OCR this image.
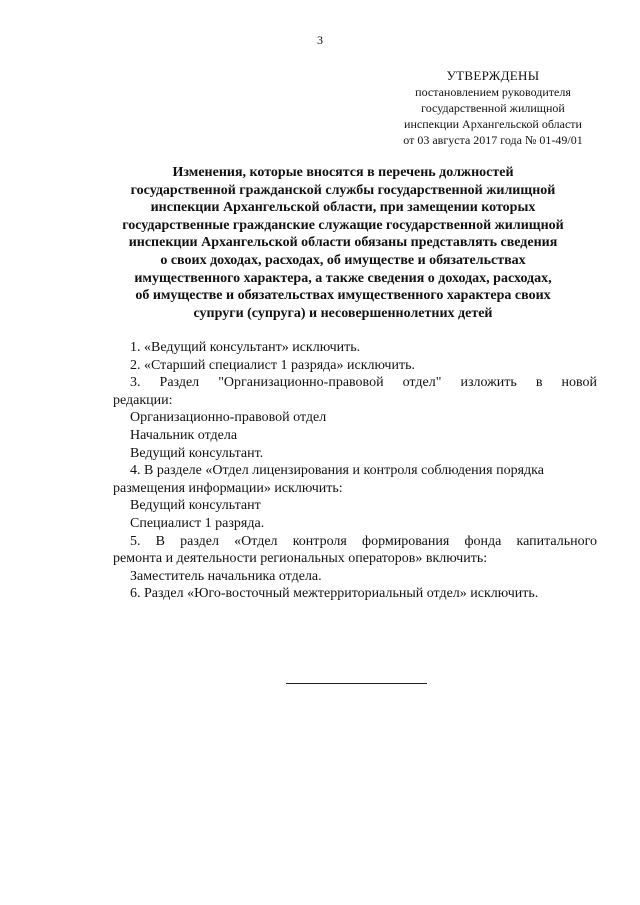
3
УТВЕРЖДЕНЫ
постановлением руководителя
государственной жилищной
инспекции Архангельской области
от 03 августа 2017 года № 01-49/01
Изменения, которые вносятся в перечень должностей
государственной гражданской службы государственной жилищной
инспекции Архангельской области, при замещении которых
государственные гражданские служащие государственной жилищной
инспекции Архангельской области обязаны представлять сведения
о своих доходах, расходах, об имуществе и обязательствах
имущественного характера, а также сведения о доходах, расходах,
об имуществе и обязательствах имущественного характера своих
супруги (супруга) и несовершеннолетних детей
1. «Ведущий консультант» исключить.
2. «Старший специалист 1 разряда» исключить.
3. Раздел "Организационно-правовой отдел" изложить в новой
редакции:
Организационно-правовой отдел
Начальник отдела
Ведущий консультант.
4. В разделе «Отдел лицензирования и контроля соблюдения порядка
размещения информации» исключить:
Ведущий консультант
Специалист 1 разряда.
5. В раздел «Отдел контроля формирования фонда капитального
ремонта и деятельности региональных операторов» включить:
Заместитель начальника отдела.
6. Раздел «Юго-восточный межтерриториальный отдел» исключить.
